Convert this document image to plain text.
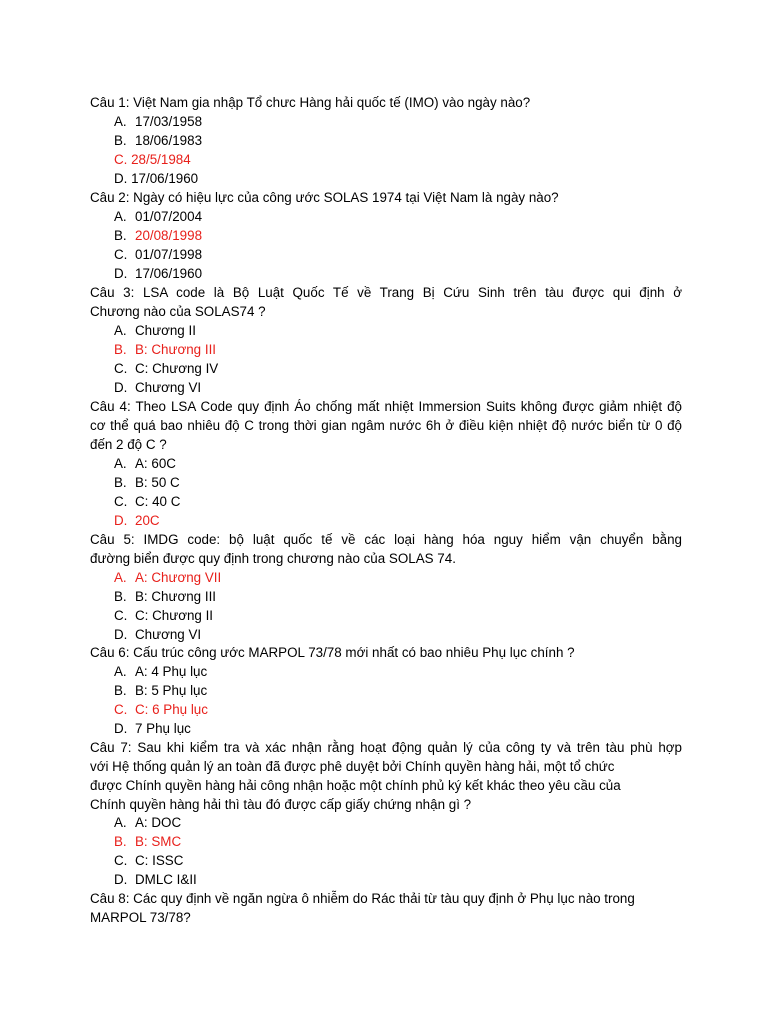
Câu 1: Việt Nam gia nhập Tổ chưc Hàng hải quốc tế (IMO) vào ngày nào?
A. 17/03/1958
B. 18/06/1983
C. 28/5/1984
D. 17/06/1960
Câu 2: Ngày có hiệu lực của công ước SOLAS 1974 tại Việt Nam là ngày nào?
A. 01/07/2004
B. 20/08/1998
C. 01/07/1998
D. 17/06/1960
Câu 3: LSA code là Bộ Luật Quốc Tế về Trang Bị Cứu Sinh trên tàu được qui định ở
Chương nào của SOLAS74 ?
A. Chương II
B. B: Chương III
C. C: Chương IV
D. Chương VI
Câu 4: Theo LSA Code quy định Áo chống mất nhiệt Immersion Suits không được giảm nhiệt độ
cơ thể quá bao nhiêu độ C trong thời gian ngâm nước 6h ở điều kiện nhiệt độ nước biển từ 0 độ
đến 2 độ C ?
A. A: 60C
B. B: 50 C
C. C: 40 C
D. 20C
Câu 5: IMDG code: bộ luật quốc tế về các loại hàng hóa nguy hiểm vận chuyển bằng
đường biển được quy định trong chương nào của SOLAS 74.
A. A: Chương VII
B. B: Chương III
C. C: Chương II
D. Chương VI
Câu 6: Cấu trúc công ước MARPOL 73/78 mới nhất có bao nhiêu Phụ lục chính ?
A. A: 4 Phụ lục
B. B: 5 Phụ lục
C. C: 6 Phụ lục
D. 7 Phụ lục
Câu 7: Sau khi kiểm tra và xác nhận rằng hoạt động quản lý của công ty và trên tàu phù hợp
với Hệ thống quản lý an toàn đã được phê duyệt bởi Chính quyền hàng hải, một tổ chức
được Chính quyền hàng hải công nhận hoặc một chính phủ ký kết khác theo yêu cầu của
Chính quyền hàng hải thì tàu đó được cấp giấy chứng nhận gì ?
A. A: DOC
B. B: SMC
C. C: ISSC
D. DMLC I&II
Câu 8: Các quy định về ngăn ngừa ô nhiễm do Rác thải từ tàu quy định ở Phụ lục nào trong
MARPOL 73/78?
